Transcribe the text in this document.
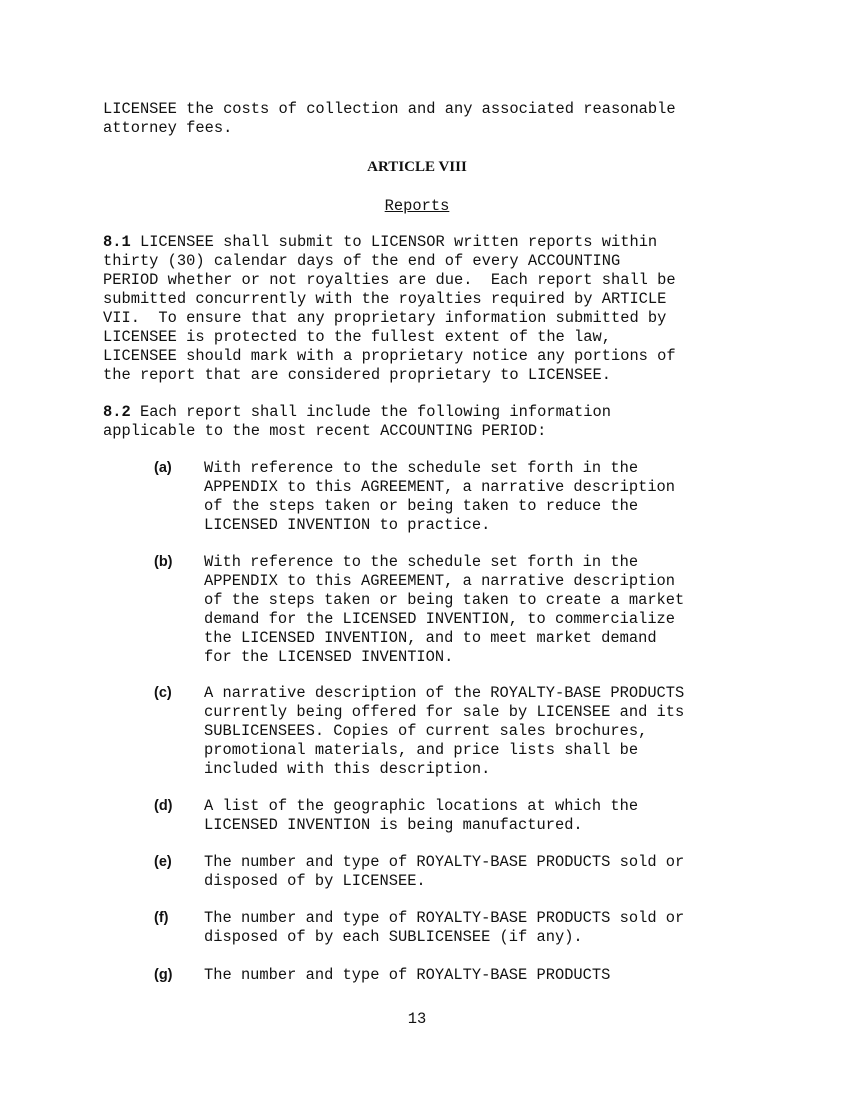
LICENSEE the costs of collection and any associated reasonable
attorney fees.

ARTICLE VIII
Reports

8.1 LICENSEE shall submit to LICENSOR written reports within
thirty (30) calendar days of the end of every ACCOUNTING
PERIOD whether or not royalties are due.  Each report shall be
submitted concurrently with the royalties required by ARTICLE
VII.  To ensure that any proprietary information submitted by
LICENSEE is protected to the fullest extent of the law,
LICENSEE should mark with a proprietary notice any portions of
the report that are considered proprietary to LICENSEE.

8.2 Each report shall include the following information
applicable to the most recent ACCOUNTING PERIOD:

(a)	With reference to the schedule set forth in the
APPENDIX to this AGREEMENT, a narrative description
of the steps taken or being taken to reduce the
LICENSED INVENTION to practice.

(b)	With reference to the schedule set forth in the
APPENDIX to this AGREEMENT, a narrative description
of the steps taken or being taken to create a market
demand for the LICENSED INVENTION, to commercialize
the LICENSED INVENTION, and to meet market demand
for the LICENSED INVENTION.

(c)	A narrative description of the ROYALTY-BASE PRODUCTS
currently being offered for sale by LICENSEE and its
SUBLICENSEES. Copies of current sales brochures,
promotional materials, and price lists shall be
included with this description.

(d)	A list of the geographic locations at which the
LICENSED INVENTION is being manufactured.

(e)	The number and type of ROYALTY-BASE PRODUCTS sold or
disposed of by LICENSEE.

(f)	The number and type of ROYALTY-BASE PRODUCTS sold or
disposed of by each SUBLICENSEE (if any).

(g)	The number and type of ROYALTY-BASE PRODUCTS

13
